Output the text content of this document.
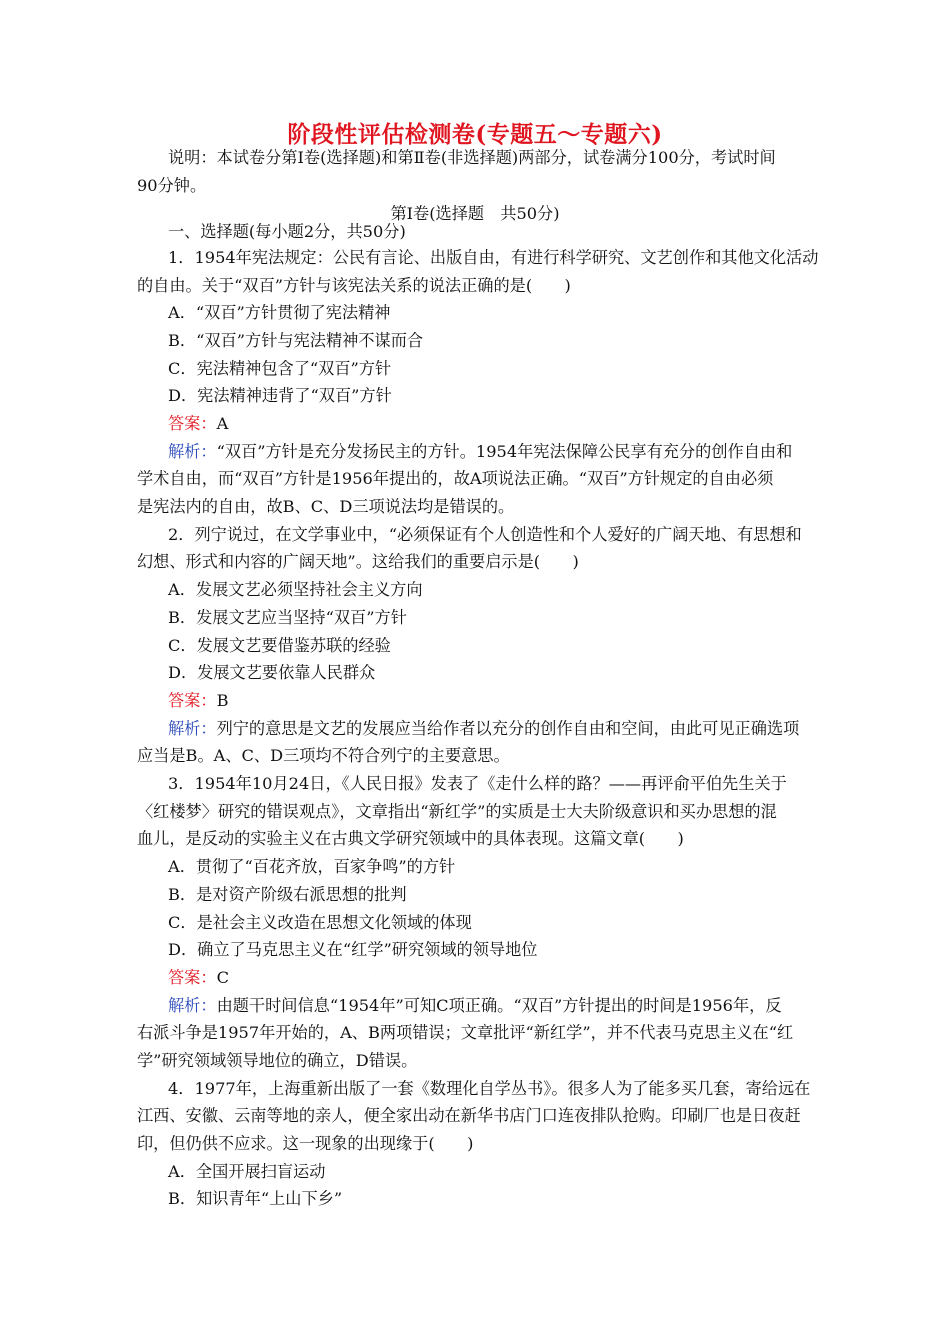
阶段性评估检测卷(专题五～专题六)
说明：本试卷分第Ⅰ卷(选择题)和第Ⅱ卷(非选择题)两部分，试卷满分100分，考试时间
90分钟。
第Ⅰ卷(选择题　共50分)
一、选择题(每小题2分，共50分)
1．1954年宪法规定：公民有言论、出版自由，有进行科学研究、文艺创作和其他文化活动
的自由。关于“双百”方针与该宪法关系的说法正确的是(　　)
A．“双百”方针贯彻了宪法精神
B．“双百”方针与宪法精神不谋而合
C．宪法精神包含了“双百”方针
D．宪法精神违背了“双百”方针
答案：A
解析：“双百”方针是充分发扬民主的方针。1954年宪法保障公民享有充分的创作自由和
学术自由，而“双百”方针是1956年提出的，故A项说法正确。“双百”方针规定的自由必须
是宪法内的自由，故B、C、D三项说法均是错误的。
2．列宁说过，在文学事业中，“必须保证有个人创造性和个人爱好的广阔天地、有思想和
幻想、形式和内容的广阔天地”。这给我们的重要启示是(　　)
A．发展文艺必须坚持社会主义方向
B．发展文艺应当坚持“双百”方针
C．发展文艺要借鉴苏联的经验
D．发展文艺要依靠人民群众
答案：B
解析：列宁的意思是文艺的发展应当给作者以充分的创作自由和空间，由此可见正确选项
应当是B。A、C、D三项均不符合列宁的主要意思。
3．1954年10月24日，《人民日报》发表了《走什么样的路？——再评俞平伯先生关于
〈红楼梦〉研究的错误观点》，文章指出“新红学”的实质是士大夫阶级意识和买办思想的混
血儿，是反动的实验主义在古典文学研究领域中的具体表现。这篇文章(　　)
A．贯彻了“百花齐放，百家争鸣”的方针
B．是对资产阶级右派思想的批判
C．是社会主义改造在思想文化领域的体现
D．确立了马克思主义在“红学”研究领域的领导地位
答案：C
解析：由题干时间信息“1954年”可知C项正确。“双百”方针提出的时间是1956年，反
右派斗争是1957年开始的，A、B两项错误；文章批评“新红学”，并不代表马克思主义在“红
学”研究领域领导地位的确立，D错误。
4．1977年，上海重新出版了一套《数理化自学丛书》。很多人为了能多买几套，寄给远在
江西、安徽、云南等地的亲人，便全家出动在新华书店门口连夜排队抢购。印刷厂也是日夜赶
印，但仍供不应求。这一现象的出现缘于(　　)
A．全国开展扫盲运动
B．知识青年“上山下乡”
